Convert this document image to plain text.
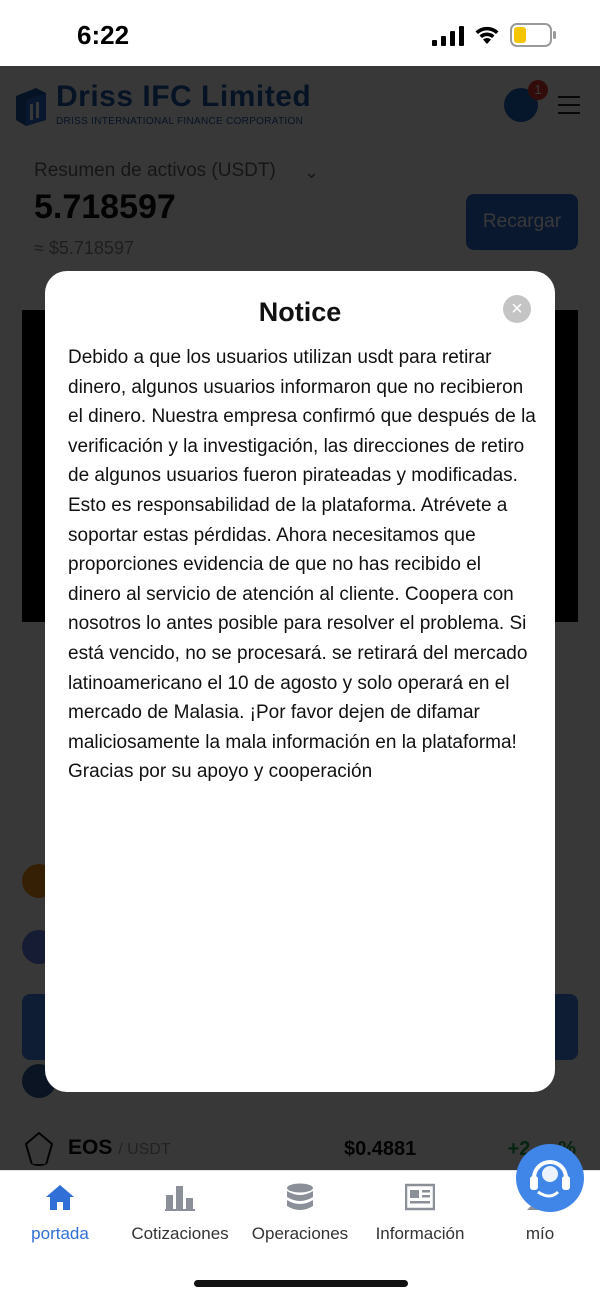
6:22
Notice	×
Debido a que los usuarios utilizan usdt para retirar dinero, algunos usuarios informaron que no recibieron el dinero. Nuestra empresa confirmó que después de la verificación y la investigación, las direcciones de retiro de algunos usuarios fueron pirateadas y modificadas. Esto es responsabilidad de la plataforma. Atrévete a soportar estas pérdidas. Ahora necesitamos que proporciones evidencia de que no has recibido el dinero al servicio de atención al cliente. Coopera con nosotros lo antes posible para resolver el problema. Si está vencido, no se procesará. se retirará del mercado latinoamericano el 10 de agosto y solo operará en el mercado de Malasia. ¡Por favor dejen de difamar maliciosamente la mala información en la plataforma! Gracias por su apoyo y cooperación
portada	Cotizaciones	Operaciones	Información	mío
